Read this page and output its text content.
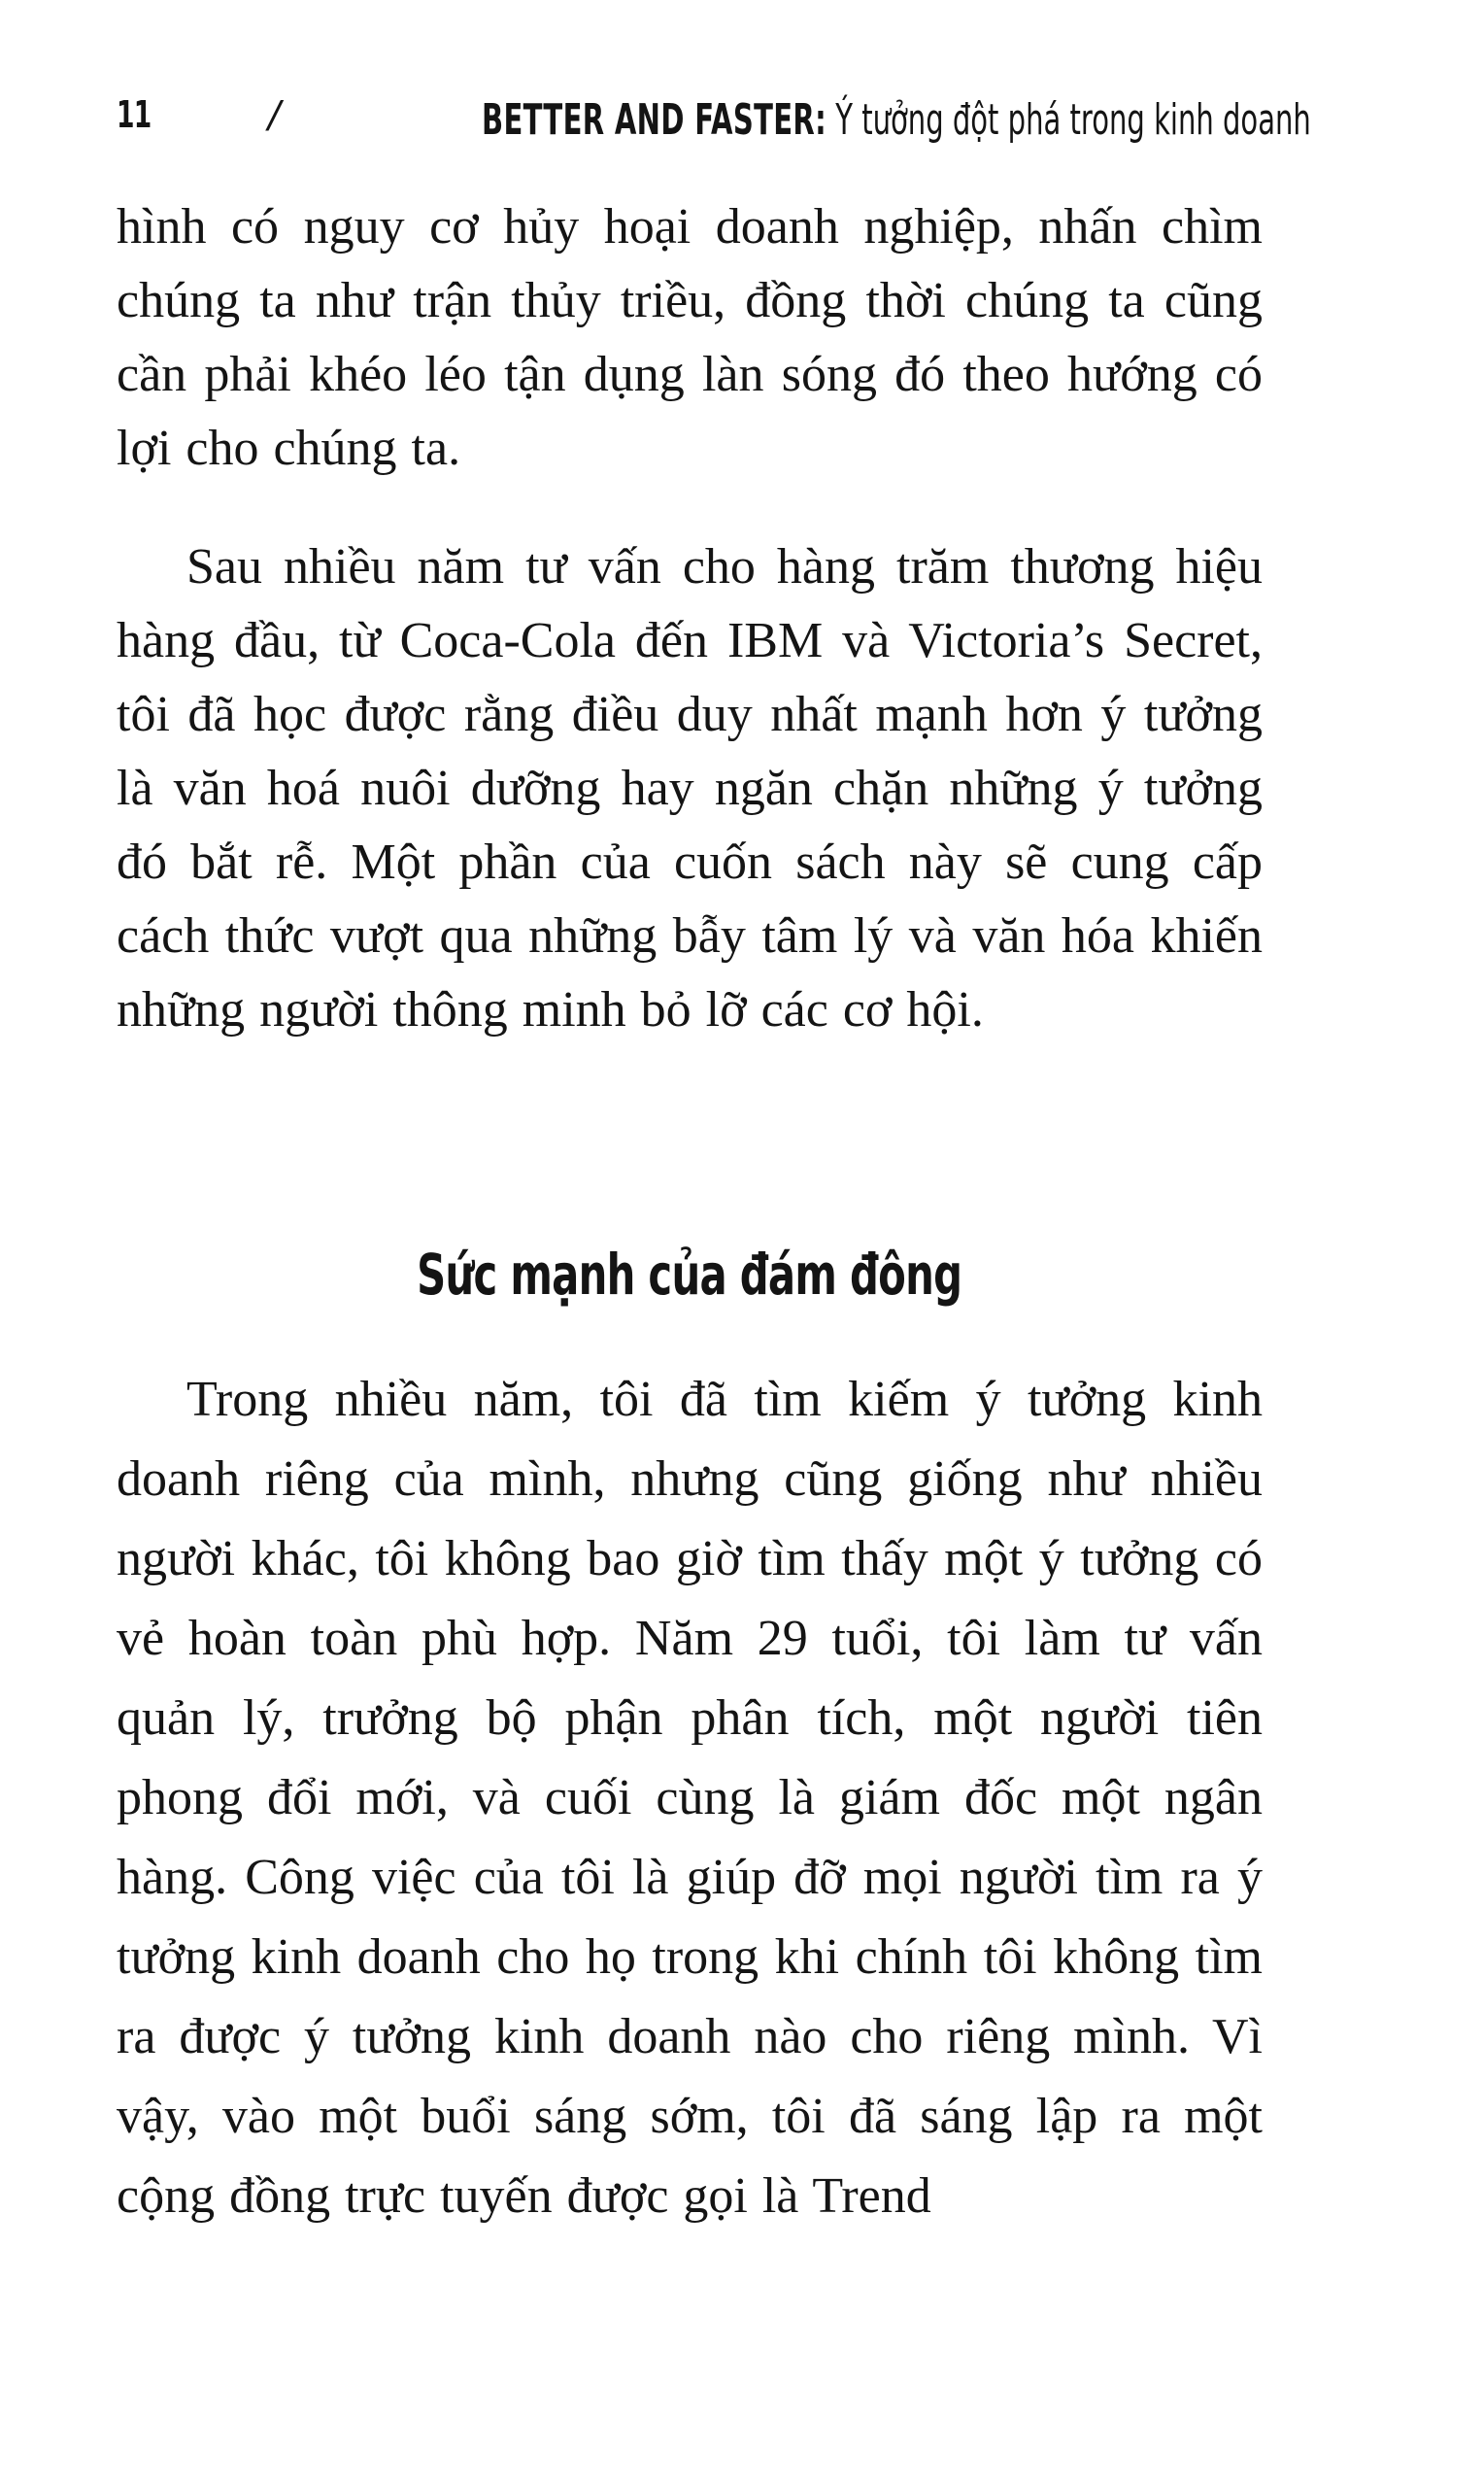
11	/	BETTER AND FASTER: Ý tưởng đột phá trong kinh doanh

hình có nguy cơ hủy hoại doanh nghiệp, nhấn chìm chúng ta như trận thủy triều, đồng thời chúng ta cũng cần phải khéo léo tận dụng làn sóng đó theo hướng có lợi cho chúng ta.

Sau nhiều năm tư vấn cho hàng trăm thương hiệu hàng đầu, từ Coca-Cola đến IBM và Victoria’s Secret, tôi đã học được rằng điều duy nhất mạnh hơn ý tưởng là văn hoá nuôi dưỡng hay ngăn chặn những ý tưởng đó bắt rễ. Một phần của cuốn sách này sẽ cung cấp cách thức vượt qua những bẫy tâm lý và văn hóa khiến những người thông minh bỏ lỡ các cơ hội.

Sức mạnh của đám đông

Trong nhiều năm, tôi đã tìm kiếm ý tưởng kinh doanh riêng của mình, nhưng cũng giống như nhiều người khác, tôi không bao giờ tìm thấy một ý tưởng có vẻ hoàn toàn phù hợp. Năm 29 tuổi, tôi làm tư vấn quản lý, trưởng bộ phận phân tích, một người tiên phong đổi mới, và cuối cùng là giám đốc một ngân hàng. Công việc của tôi là giúp đỡ mọi người tìm ra ý tưởng kinh doanh cho họ trong khi chính tôi không tìm ra được ý tưởng kinh doanh nào cho riêng mình. Vì vậy, vào một buổi sáng sớm, tôi đã sáng lập ra một cộng đồng trực tuyến được gọi là Trend
